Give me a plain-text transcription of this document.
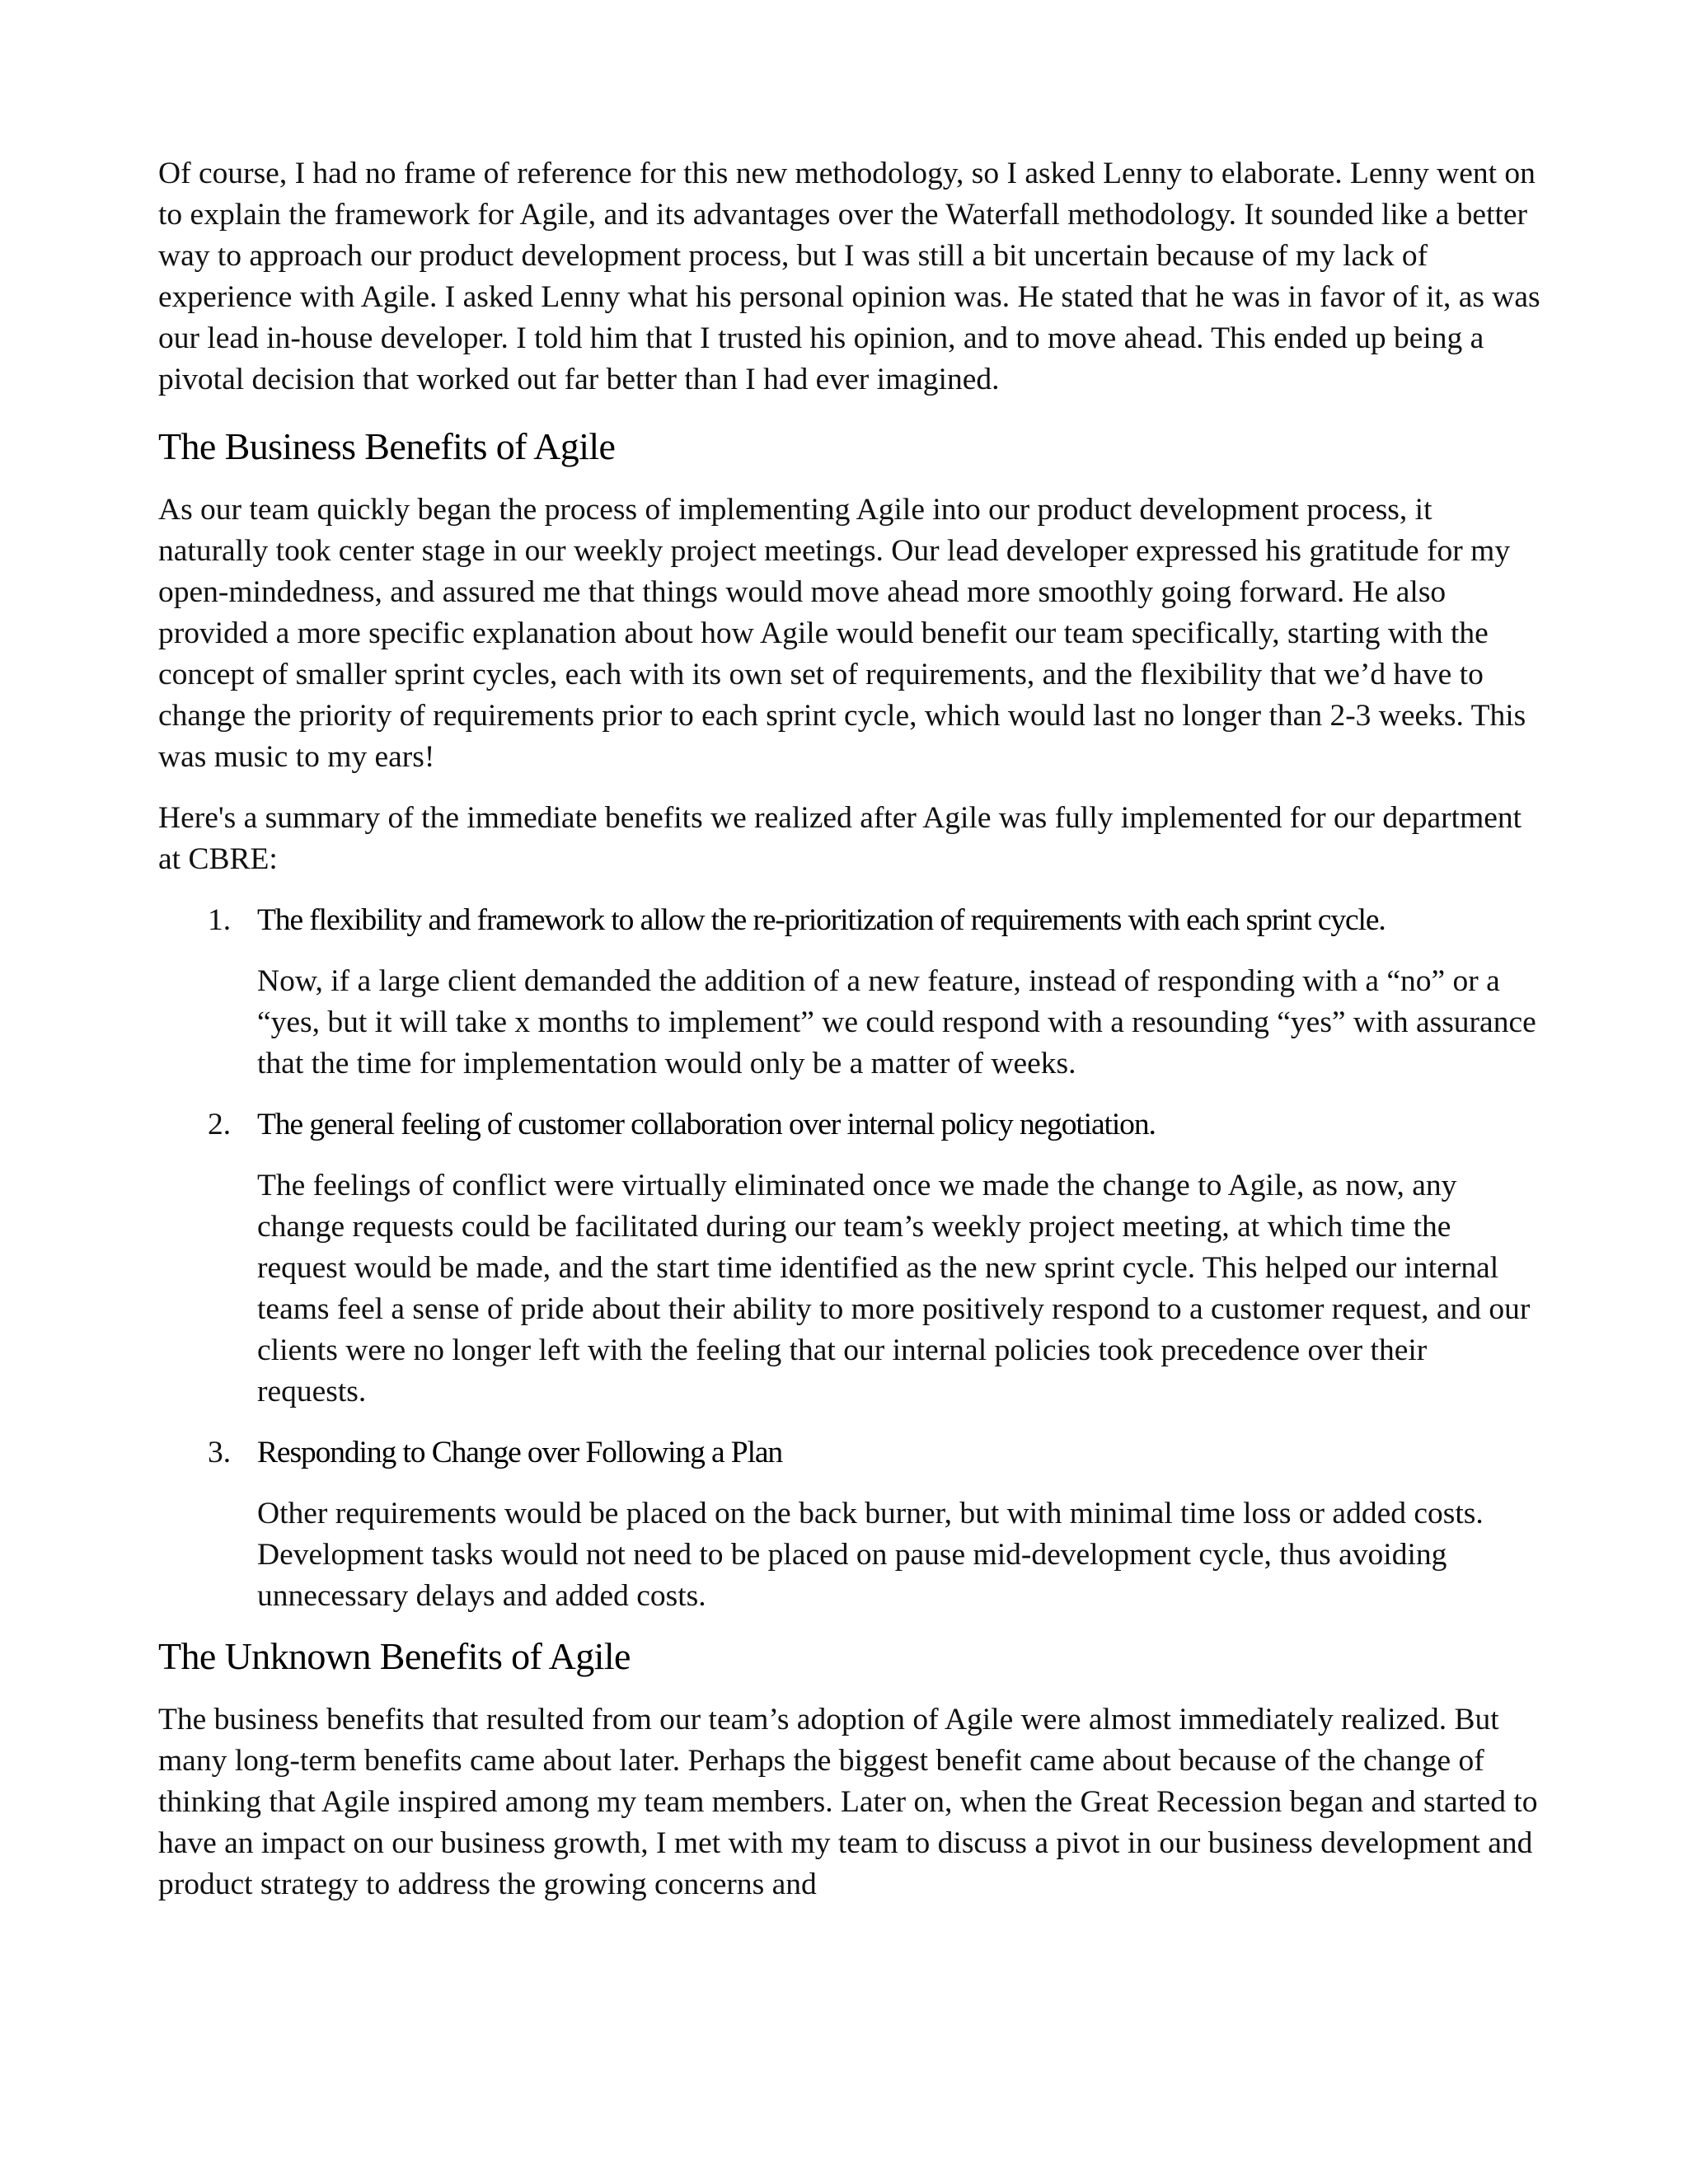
Of course, I had no frame of reference for this new methodology, so I asked Lenny to elaborate. Lenny went on to explain the framework for Agile, and its advantages over the Waterfall methodology. It sounded like a better way to approach our product development process, but I was still a bit uncertain because of my lack of experience with Agile. I asked Lenny what his personal opinion was. He stated that he was in favor of it, as was our lead in-house developer. I told him that I trusted his opinion, and to move ahead. This ended up being a pivotal decision that worked out far better than I had ever imagined.

The Business Benefits of Agile

As our team quickly began the process of implementing Agile into our product development process, it naturally took center stage in our weekly project meetings. Our lead developer expressed his gratitude for my open-mindedness, and assured me that things would move ahead more smoothly going forward. He also provided a more specific explanation about how Agile would benefit our team specifically, starting with the concept of smaller sprint cycles, each with its own set of requirements, and the flexibility that we’d have to change the priority of requirements prior to each sprint cycle, which would last no longer than 2-3 weeks. This was music to my ears!

Here's a summary of the immediate benefits we realized after Agile was fully implemented for our department at CBRE:

1. The flexibility and framework to allow the re-prioritization of requirements with each sprint cycle.

Now, if a large client demanded the addition of a new feature, instead of responding with a “no” or a “yes, but it will take x months to implement” we could respond with a resounding “yes” with assurance that the time for implementation would only be a matter of weeks.

2. The general feeling of customer collaboration over internal policy negotiation.

The feelings of conflict were virtually eliminated once we made the change to Agile, as now, any change requests could be facilitated during our team’s weekly project meeting, at which time the request would be made, and the start time identified as the new sprint cycle. This helped our internal teams feel a sense of pride about their ability to more positively respond to a customer request, and our clients were no longer left with the feeling that our internal policies took precedence over their requests.

3. Responding to Change over Following a Plan

Other requirements would be placed on the back burner, but with minimal time loss or added costs. Development tasks would not need to be placed on pause mid-development cycle, thus avoiding unnecessary delays and added costs.

The Unknown Benefits of Agile

The business benefits that resulted from our team’s adoption of Agile were almost immediately realized. But many long-term benefits came about later. Perhaps the biggest benefit came about because of the change of thinking that Agile inspired among my team members. Later on, when the Great Recession began and started to have an impact on our business growth, I met with my team to discuss a pivot in our business development and product strategy to address the growing concerns and
